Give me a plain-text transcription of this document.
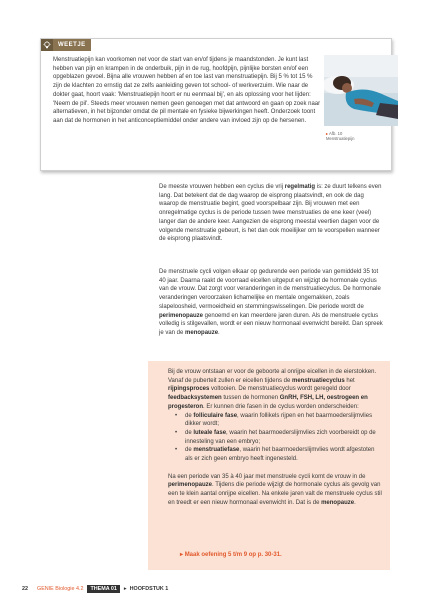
WEETJE
Menstruatiepijn kan voorkomen net voor de start van en/of tijdens je maandstonden. Je kunt last hebben van pijn en krampen in de onderbuik, pijn in de rug, hoofdpijn, pijnlijke borsten en/of een opgeblazen gevoel. Bijna alle vrouwen hebben af en toe last van menstruatiepijn. Bij 5 % tot 15 % zijn de klachten zo ernstig dat ze zelfs aanleiding geven tot school- of werkverzuim. Wie naar de dokter gaat, hoort vaak: 'Menstruatiepijn hoort er nu eenmaal bij', en als oplossing voor het lijden: 'Neem de pil'. Steeds meer vrouwen nemen geen genoegen met dat antwoord en gaan op zoek naar alternatieven, in het bijzonder omdat de pil mentale en fysieke bijwerkingen heeft. Onderzoek toont aan dat de hormonen in het anticonceptiemiddel onder andere van invloed zijn op de hersenen.
▸ Afb. 10
Menstruatiepijn
De meeste vrouwen hebben een cyclus die vrij regelmatig is: ze duurt telkens even lang. Dat betekent dat de dag waarop de eisprong plaatsvindt, en ook de dag waarop de menstruatie begint, goed voorspelbaar zijn. Bij vrouwen met een onregelmatige cyclus is de periode tussen twee menstruaties de ene keer (veel) langer dan de andere keer. Aangezien de eisprong meestal veertien dagen voor de volgende menstruatie gebeurt, is het dan ook moeilijker om te voorspellen wanneer de eisprong plaatsvindt.
De menstruele cycli volgen elkaar op gedurende een periode van gemiddeld 35 tot 40 jaar. Daarna raakt de voorraad eicellen uitgeput en wijzigt de hormonale cyclus van de vrouw. Dat zorgt voor veranderingen in de menstruatiecyclus. De hormonale veranderingen veroorzaken lichamelijke en mentale ongemakken, zoals slapeloosheid, vermoeidheid en stemmingswisselingen. Die periode wordt de perimenopauze genoemd en kan meerdere jaren duren. Als de menstruele cyclus volledig is stilgevallen, wordt er een nieuw hormonaal evenwicht bereikt. Dan spreek je van de menopauze.
Bij de vrouw ontstaan er voor de geboorte al onrijpe eicellen in de eierstokken. Vanaf de puberteit zullen er eicellen tijdens de menstruatiecyclus het rijpingsproces voltooien. De menstruatiecyclus wordt geregeld door feedbacksystemen tussen de hormonen GnRH, FSH, LH, oestrogeen en progesteron. Er kunnen drie fasen in de cyclus worden onderscheiden:
• de folliculaire fase, waarin follikels rijpen en het baarmoederslijmvlies dikker wordt;
• de luteale fase, waarin het baarmoederslijmvlies zich voorbereidt op de innesteling van een embryo;
• de menstruatiefase, waarin het baarmoederslijmvlies wordt afgestoten als er zich geen embryo heeft ingenesteld.
Na een periode van 35 à 40 jaar met menstruele cycli komt de vrouw in de perimenopauze. Tijdens die periode wijzigt de hormonale cyclus als gevolg van een te klein aantal onrijpe eicellen. Na enkele jaren valt de menstruele cyclus stil en treedt er een nieuw hormonaal evenwicht in. Dat is de menopauze.
▸ Maak oefening 5 t/m 9 op p. 30-31.
22 GENIE Biologie 4.2	THEMA 01	▸ HOOFDSTUK 1
